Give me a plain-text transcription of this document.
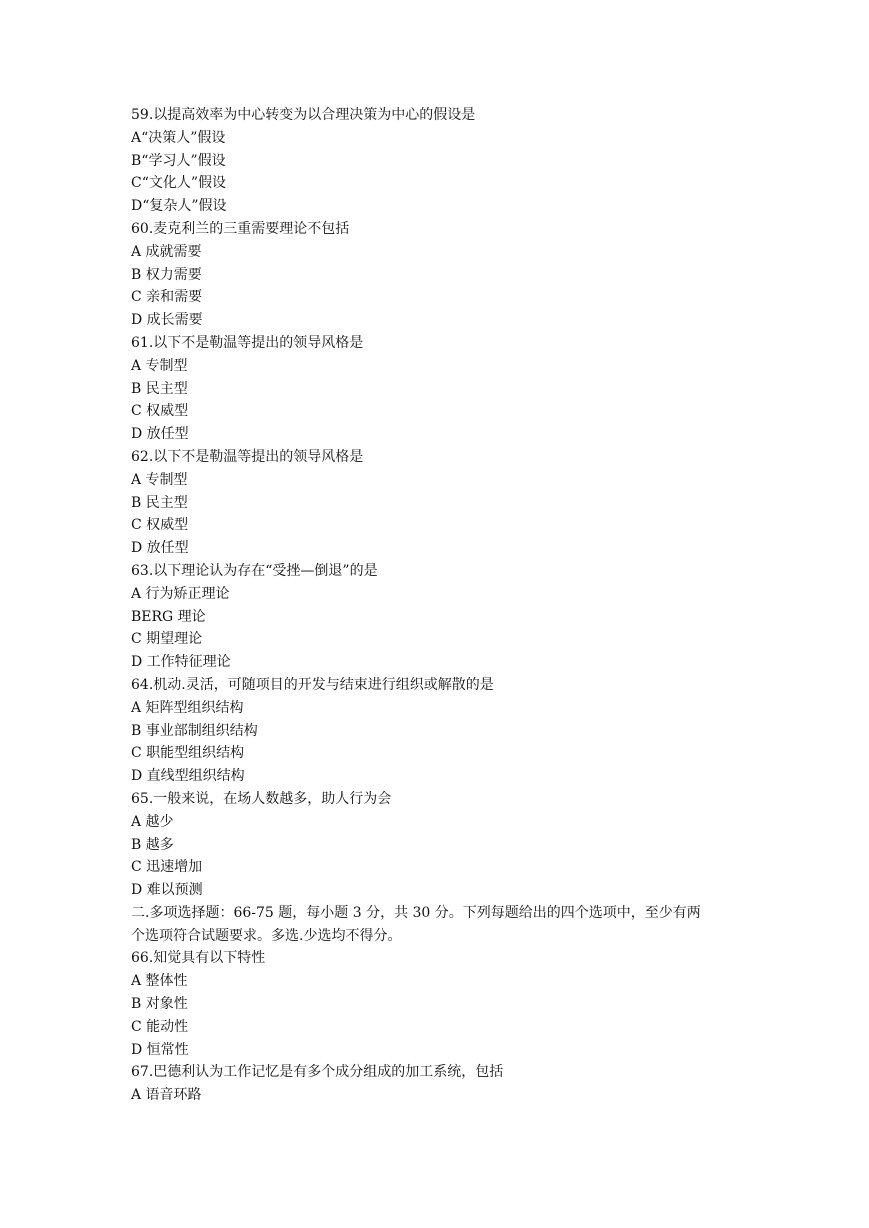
59.以提高效率为中心转变为以合理决策为中心的假设是
A“决策人”假设
B“学习人”假设
C“文化人”假设
D“复杂人”假设
60.麦克利兰的三重需要理论不包括
A 成就需要
B 权力需要
C 亲和需要
D 成长需要
61.以下不是勒温等提出的领导风格是
A 专制型
B 民主型
C 权威型
D 放任型
62.以下不是勒温等提出的领导风格是
A 专制型
B 民主型
C 权威型
D 放任型
63.以下理论认为存在“受挫—倒退”的是
A 行为矫正理论
BERG 理论
C 期望理论
D 工作特征理论
64.机动.灵活，可随项目的开发与结束进行组织或解散的是
A 矩阵型组织结构
B 事业部制组织结构
C 职能型组织结构
D 直线型组织结构
65.一般来说，在场人数越多，助人行为会
A 越少
B 越多
C 迅速增加
D 难以预测
二.多项选择题：66-75 题，每小题 3 分，共 30 分。下列每题给出的四个选项中，至少有两
个选项符合试题要求。多选.少选均不得分。
66.知觉具有以下特性
A 整体性
B 对象性
C 能动性
D 恒常性
67.巴德利认为工作记忆是有多个成分组成的加工系统，包括
A 语音环路
